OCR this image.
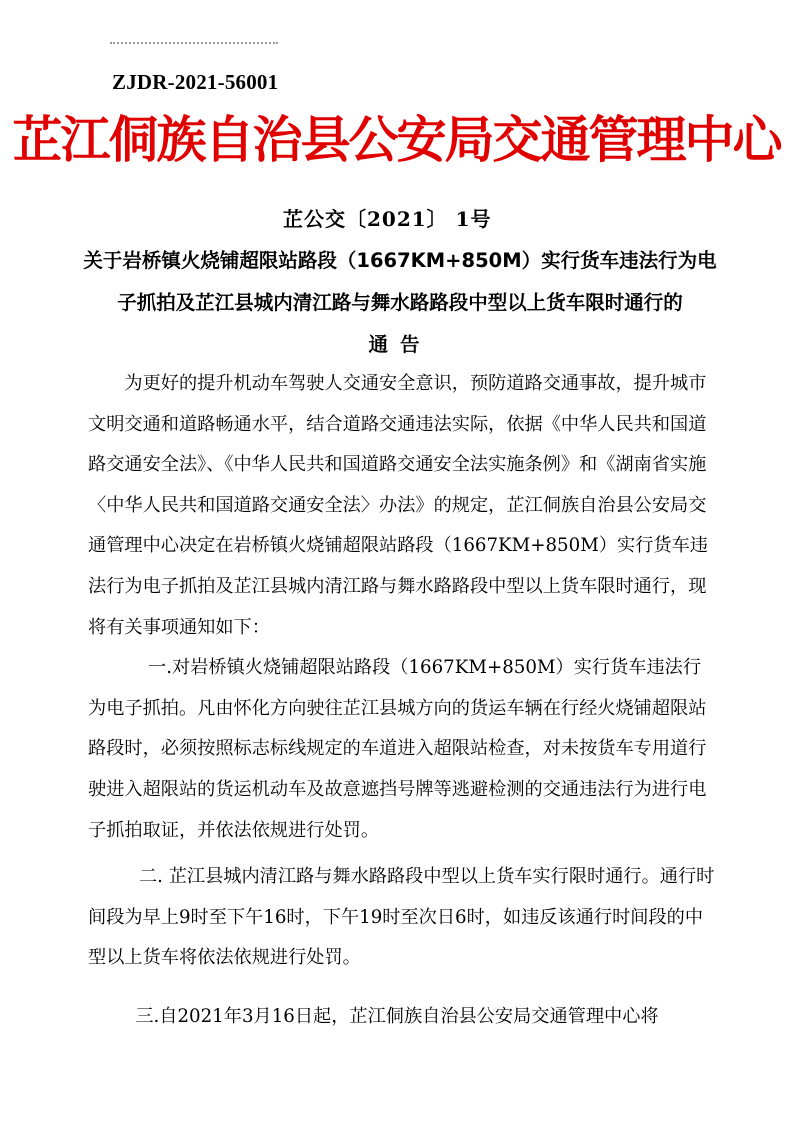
ZJDR-2021-56001
芷江侗族自治县公安局交通管理中心
芷公交〔2021〕 1号
关于岩桥镇火烧铺超限站路段（1667KM+850M）实行货车违法行为电
子抓拍及芷江县城内清江路与舞水路路段中型以上货车限时通行的
通告

为更好的提升机动车驾驶人交通安全意识，预防道路交通事故，提升城市文明交通和道路畅通水平，结合道路交通违法实际，依据《中华人民共和国道路交通安全法》、《中华人民共和国道路交通安全法实施条例》和《湖南省实施〈中华人民共和国道路交通安全法〉办法》的规定，芷江侗族自治县公安局交通管理中心决定在岩桥镇火烧铺超限站路段（1667KM+850M）实行货车违法行为电子抓拍及芷江县城内清江路与舞水路路段中型以上货车限时通行，现将有关事项通知如下：

一.对岩桥镇火烧铺超限站路段（1667KM+850M）实行货车违法行为电子抓拍。凡由怀化方向驶往芷江县城方向的货运车辆在行经火烧铺超限站路段时，必须按照标志标线规定的车道进入超限站检查，对未按货车专用道行驶进入超限站的货运机动车及故意遮挡号牌等逃避检测的交通违法行为进行电子抓拍取证，并依法依规进行处罚。

二. 芷江县城内清江路与舞水路路段中型以上货车实行限时通行。通行时间段为早上9时至下午16时，下午19时至次日6时，如违反该通行时间段的中型以上货车将依法依规进行处罚。

三.自2021年3月16日起，芷江侗族自治县公安局交通管理中心将
